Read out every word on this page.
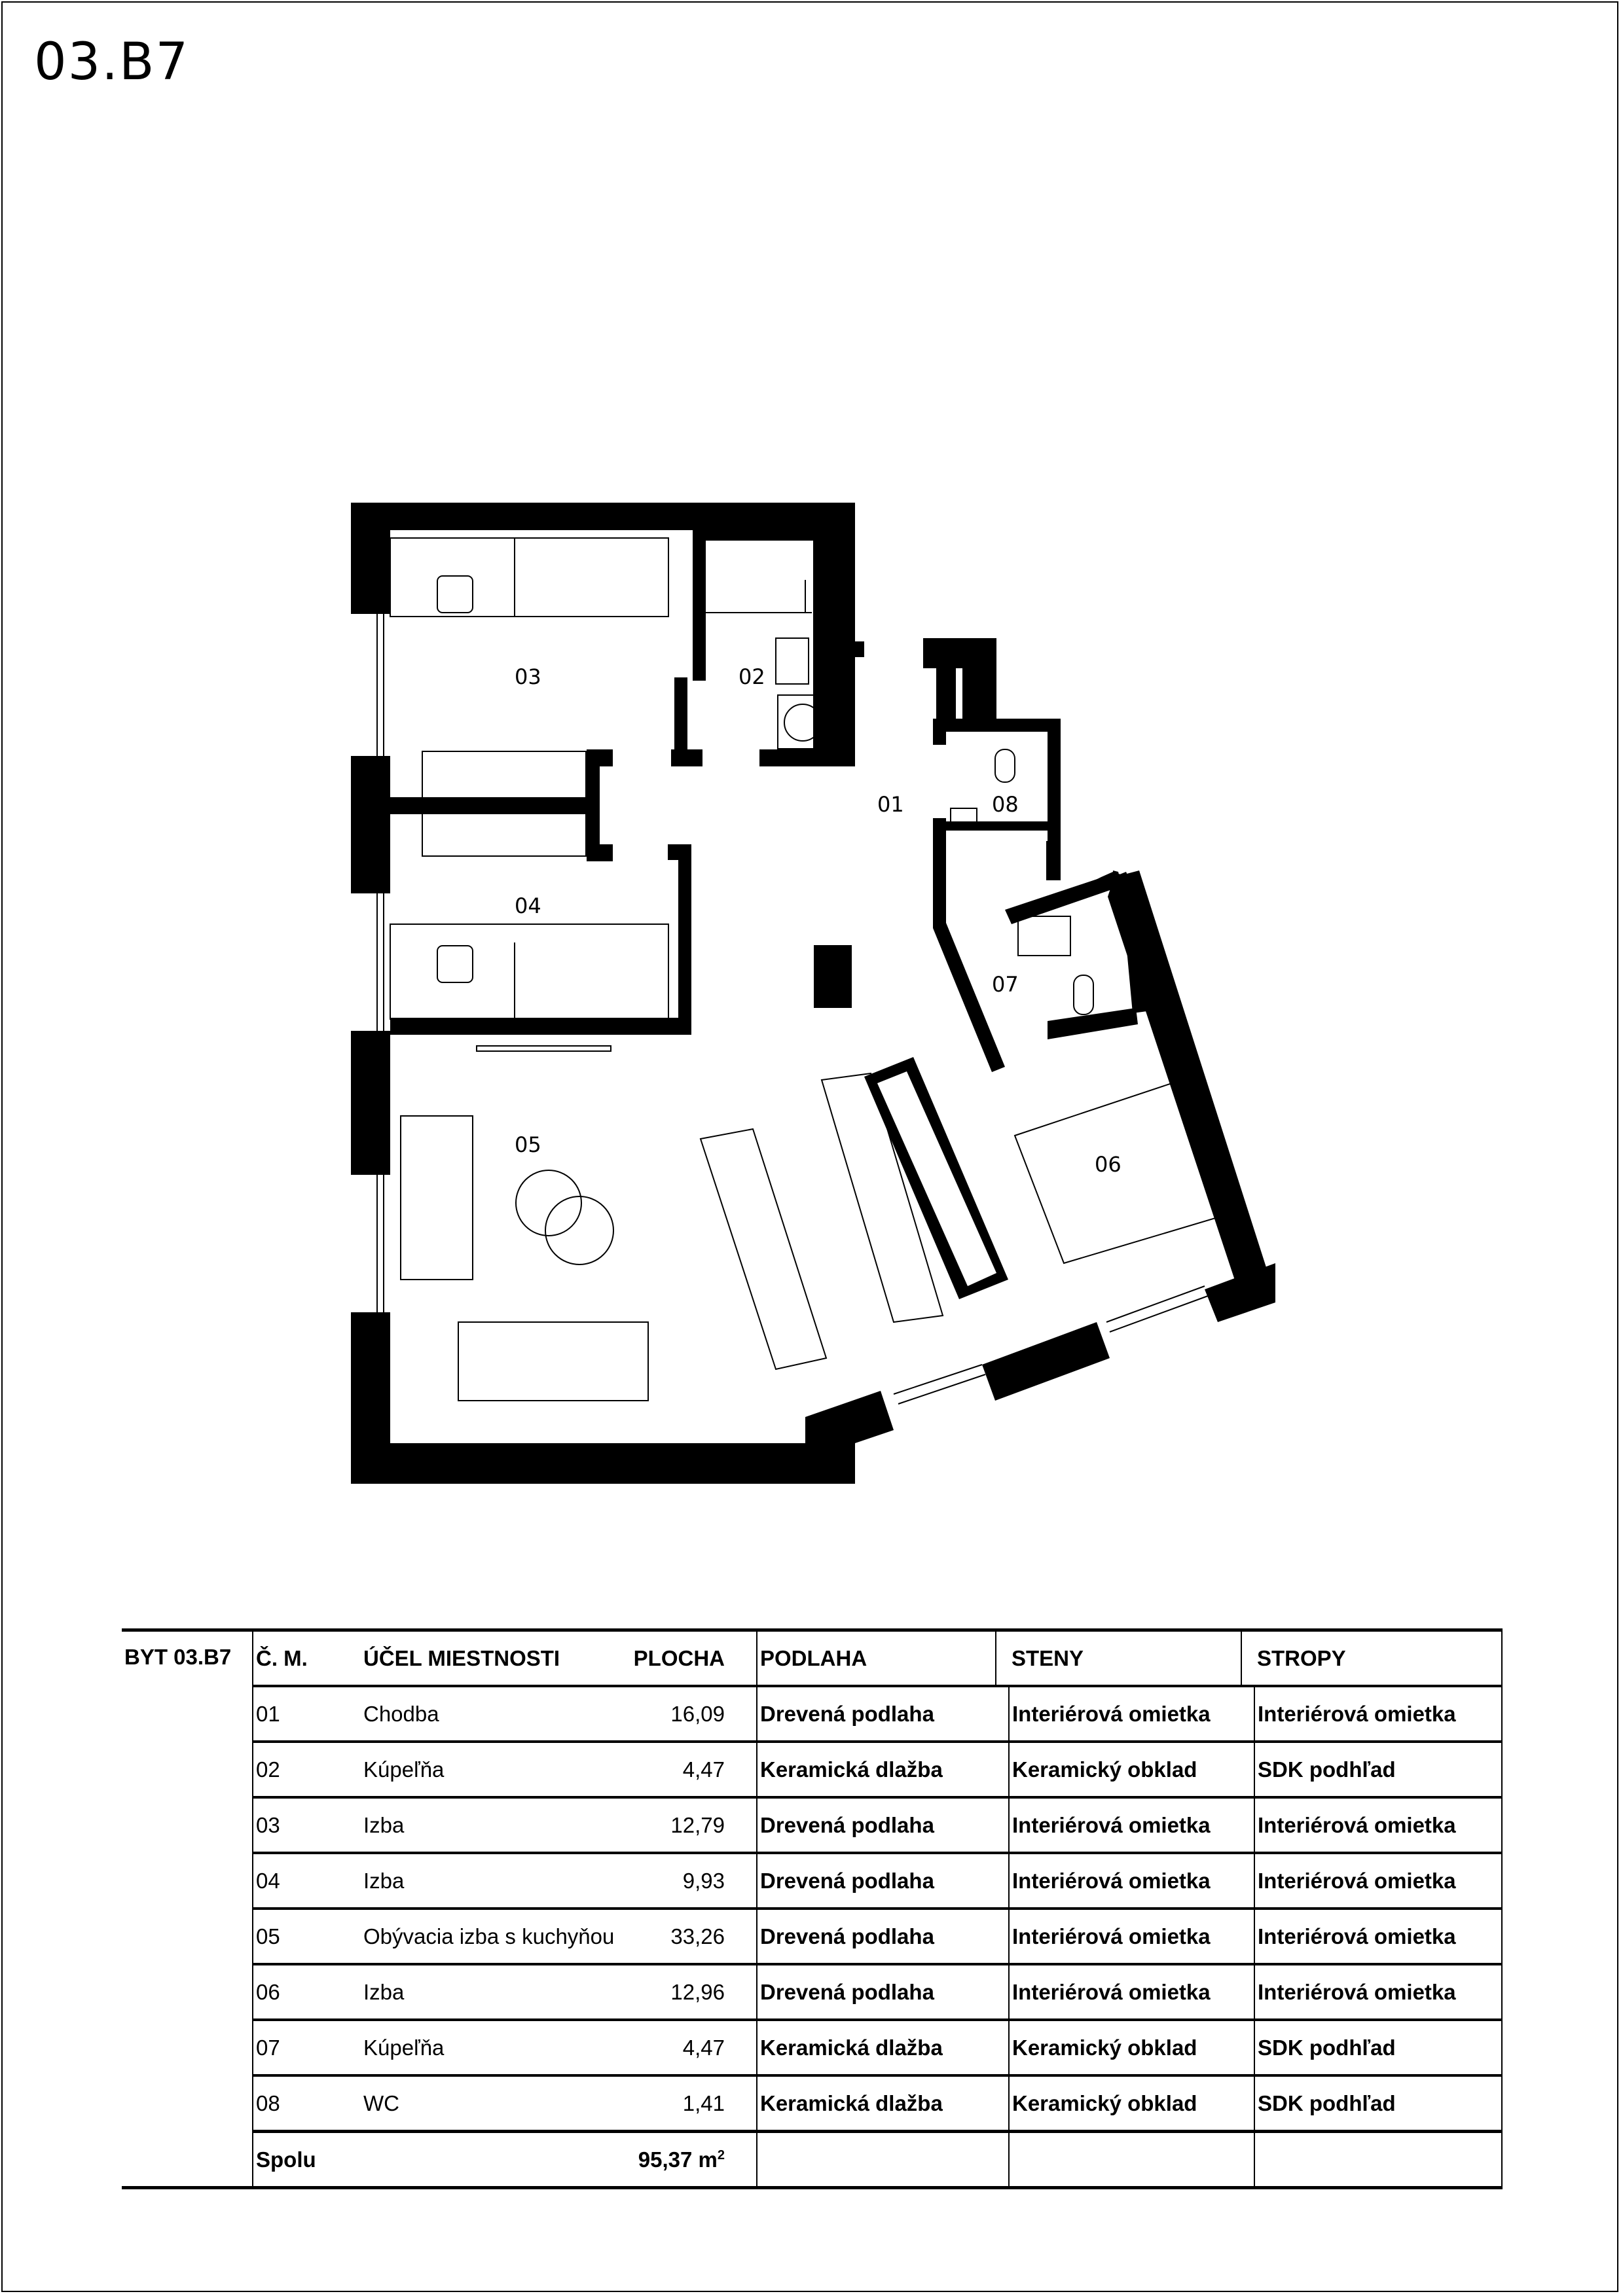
03.B7
03	02
01	08
04
07
05
06
BYT 03.B7	Č. M.	ÚČEL MIESTNOSTI	PLOCHA		PODLAHA		STENY		STROPY	
	01	Chodba	16,09		Drevená podlaha		Interiérová omietka		Interiérová omietka	
	02	Kúpeľňa	4,47		Keramická dlažba		Keramický obklad		SDK podhľad	
	03	Izba	12,79		Drevená podlaha		Interiérová omietka		Interiérová omietka	
	04	Izba	9,93		Drevená podlaha		Interiérová omietka		Interiérová omietka	
	05	Obývacia izba s kuchyňou	33,26		Drevená podlaha		Interiérová omietka		Interiérová omietka	
	06	Izba	12,96		Drevená podlaha		Interiérová omietka		Interiérová omietka	
	07	Kúpeľňa	4,47		Keramická dlažba		Keramický obklad		SDK podhľad	
	08	WC	1,41		Keramická dlažba		Keramický obklad		SDK podhľad	
	Spolu		95,37 $m^2$							
